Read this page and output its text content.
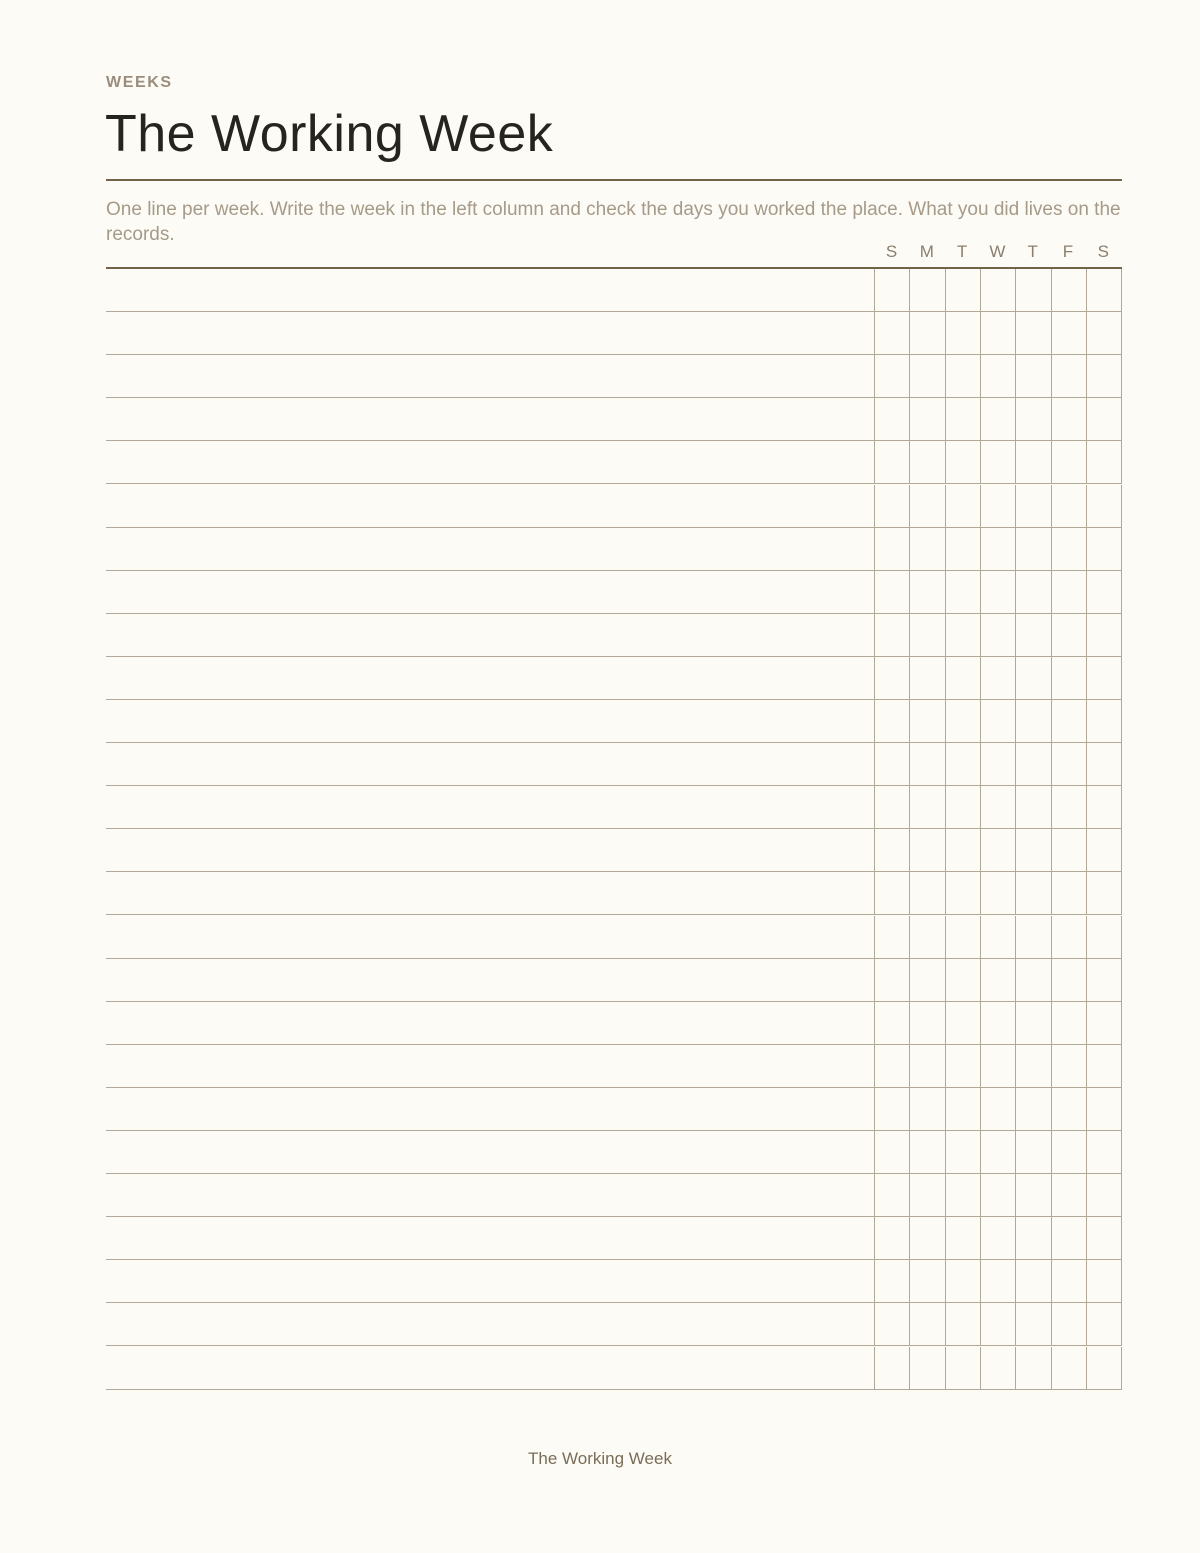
WEEKS
The Working Week
One line per week. Write the week in the left column and check the days you worked the place. What you did lives on the records.
S	M	T	W	T	F	S
The Working Week
